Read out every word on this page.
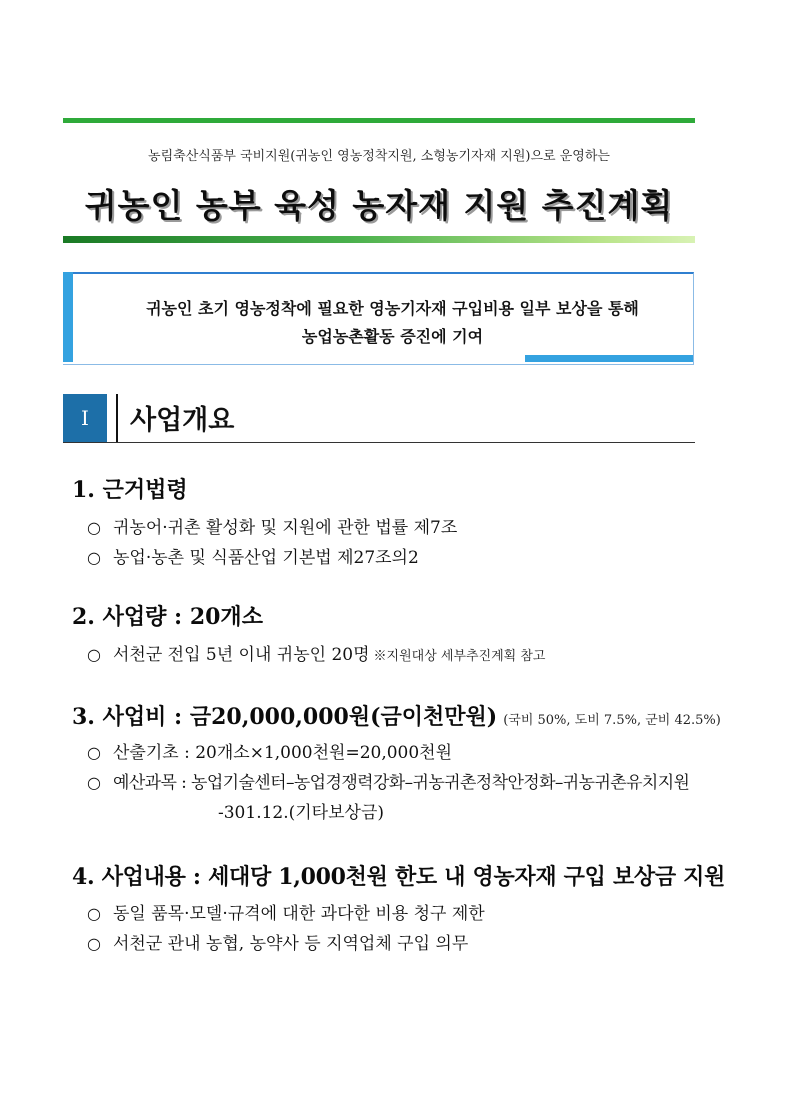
농림축산식품부 국비지원(귀농인 영농정착지원, 소형농기자재 지원)으로 운영하는
귀농인 농부 육성 농자재 지원 추진계획
귀농인 초기 영농정착에 필요한 영농기자재 구입비용 일부 보상을 통해
농업농촌활동 증진에 기여
I	사업개요
1. 근거법령
○ 귀농어·귀촌 활성화 및 지원에 관한 법률 제7조
○ 농업·농촌 및 식품산업 기본법 제27조의2
2. 사업량 : 20개소
○ 서천군 전입 5년 이내 귀농인 20명 ※지원대상 세부추진계획 참고
3. 사업비 : 금20,000,000원(금이천만원) (국비 50%, 도비 7.5%, 군비 42.5%)
○ 산출기초 : 20개소×1,000천원=20,000천원
○ 예산과목 : 농업기술센터–농업경쟁력강화–귀농귀촌정착안정화–귀농귀촌유치지원
-301.12.(기타보상금)
4. 사업내용 : 세대당 1,000천원 한도 내 영농자재 구입 보상금 지원
○ 동일 품목·모델·규격에 대한 과다한 비용 청구 제한
○ 서천군 관내 농협, 농약사 등 지역업체 구입 의무
